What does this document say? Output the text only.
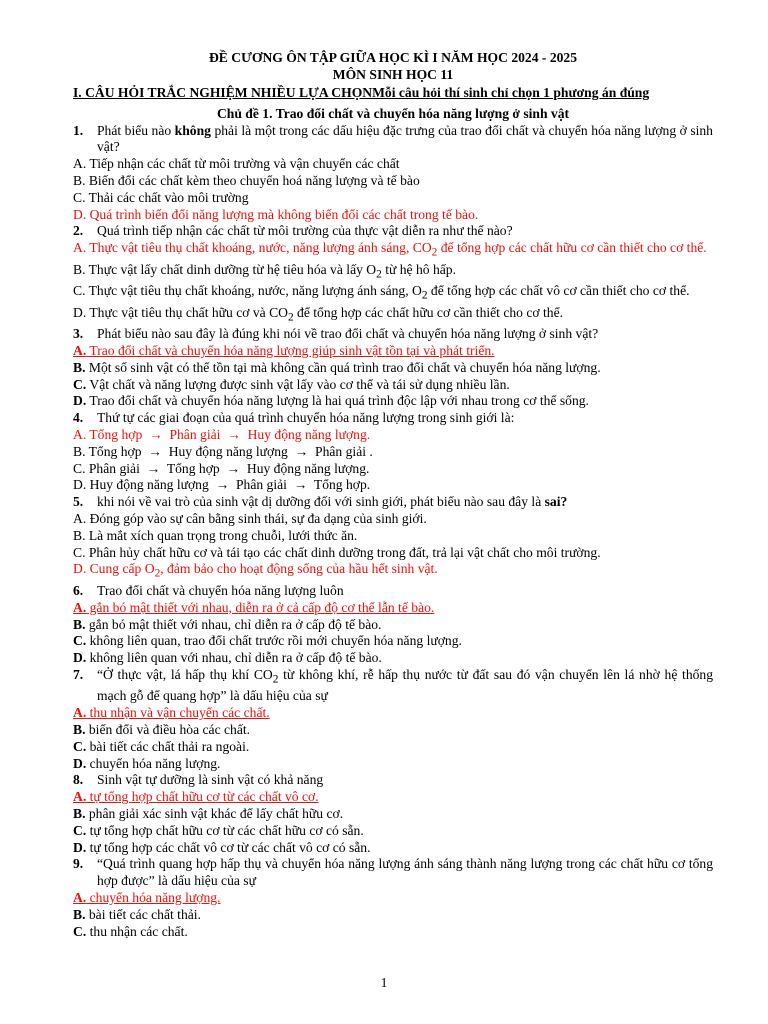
ĐỀ CƯƠNG ÔN TẬP GIỮA HỌC KÌ I NĂM HỌC 2024 - 2025
MÔN SINH HỌC 11
I. CÂU HỎI TRẮC NGHIỆM NHIỀU LỰA CHỌNMỗi câu hỏi thí sinh chỉ chọn 1 phương án đúng
Chủ đề 1. Trao đổi chất và chuyển hóa năng lượng ở sinh vật
1.	Phát biểu nào không phải là một trong các dấu hiệu đặc trưng của trao đổi chất và chuyển hóa năng lượng ở sinh vật?
A. Tiếp nhận các chất từ môi trường và vận chuyển các chất
B. Biến đổi các chất kèm theo chuyển hoá năng lượng và tế bào
C. Thải các chất vào môi trường
D. Quá trình biến đổi năng lượng mà không biến đổi các chất trong tế bào.
2.	Quá trình tiếp nhận các chất từ môi trường của thực vật diễn ra như thế nào?
A. Thực vật tiêu thụ chất khoáng, nước, năng lượng ánh sáng, $CO_2$ để tổng hợp các chất hữu cơ cần thiết cho cơ thể.
B. Thực vật lấy chất dinh dưỡng từ hệ tiêu hóa và lấy $O_2$ từ hệ hô hấp.
C. Thực vật tiêu thụ chất khoáng, nước, năng lượng ánh sáng, $O_2$ để tổng hợp các chất vô cơ cần thiết cho cơ thể.
D. Thực vật tiêu thụ chất hữu cơ và $CO_2$ để tổng hợp các chất hữu cơ cần thiết cho cơ thể.
3.	Phát biểu nào sau đây là đúng khi nói về trao đổi chất và chuyển hóa năng lượng ở sinh vật?
A. Trao đổi chất và chuyển hóa năng lượng giúp sinh vật tồn tại và phát triển.
B. Một số sinh vật có thể tồn tại mà không cần quá trình trao đổi chất và chuyển hóa năng lượng.
C. Vật chất và năng lượng được sinh vật lấy vào cơ thể và tái sử dụng nhiều lần.
D. Trao đổi chất và chuyển hóa năng lượng là hai quá trình độc lập với nhau trong cơ thể sống.
4.	Thứ tự các giai đoạn của quá trình chuyển hóa năng lượng trong sinh giới là:
A. Tổng hợp → Phân giải → Huy động năng lượng.
B. Tổng hợp → Huy động năng lượng → Phân giải .
C. Phân giải → Tổng hợp → Huy động năng lượng.
D. Huy động năng lượng → Phân giải → Tổng hợp.
5.	khi nói về vai trò của sinh vật dị dưỡng đối với sinh giới, phát biểu nào sau đây là sai?
A. Đóng góp vào sự cân bằng sinh thái, sự đa dạng của sinh giới.
B. Là mắt xích quan trọng trong chuỗi, lưới thức ăn.
C. Phân hủy chất hữu cơ và tái tạo các chất dinh dưỡng trong đất, trả lại vật chất cho môi trường.
D. Cung cấp $O_2$, đảm bảo cho hoạt động sống của hầu hết sinh vật.
6.	Trao đổi chất và chuyển hóa năng lượng luôn
A. gắn bó mật thiết với nhau, diễn ra ở cả cấp độ cơ thể lẫn tế bào.
B. gắn bó mật thiết với nhau, chỉ diễn ra ở cấp độ tế bào.
C. không liên quan, trao đổi chất trước rồi mới chuyển hóa năng lượng.
D. không liên quan với nhau, chỉ diễn ra ở cấp độ tế bào.
7.	“Ở thực vật, lá hấp thụ khí $CO_2$ từ không khí, rễ hấp thụ nước từ đất sau đó vận chuyển lên lá nhờ hệ thống mạch gỗ để quang hợp” là dấu hiệu của sự
A. thu nhận và vận chuyển các chất.
B. biến đổi và điều hòa các chất.
C. bài tiết các chất thải ra ngoài.
D. chuyển hóa năng lượng.
8.	Sinh vật tự dưỡng là sinh vật có khả năng
A. tự tổng hợp chất hữu cơ từ các chất vô cơ.
B. phân giải xác sinh vật khác để lấy chất hữu cơ.
C. tự tổng hợp chất hữu cơ từ các chất hữu cơ có sẵn.
D. tự tổng hợp các chất vô cơ từ các chất vô cơ có sẵn.
9.	“Quá trình quang hợp hấp thụ và chuyển hóa năng lượng ánh sáng thành năng lượng trong các chất hữu cơ tổng hợp được” là dấu hiệu của sự
A. chuyển hóa năng lượng.
B. bài tiết các chất thải.
C. thu nhận các chất.
1
